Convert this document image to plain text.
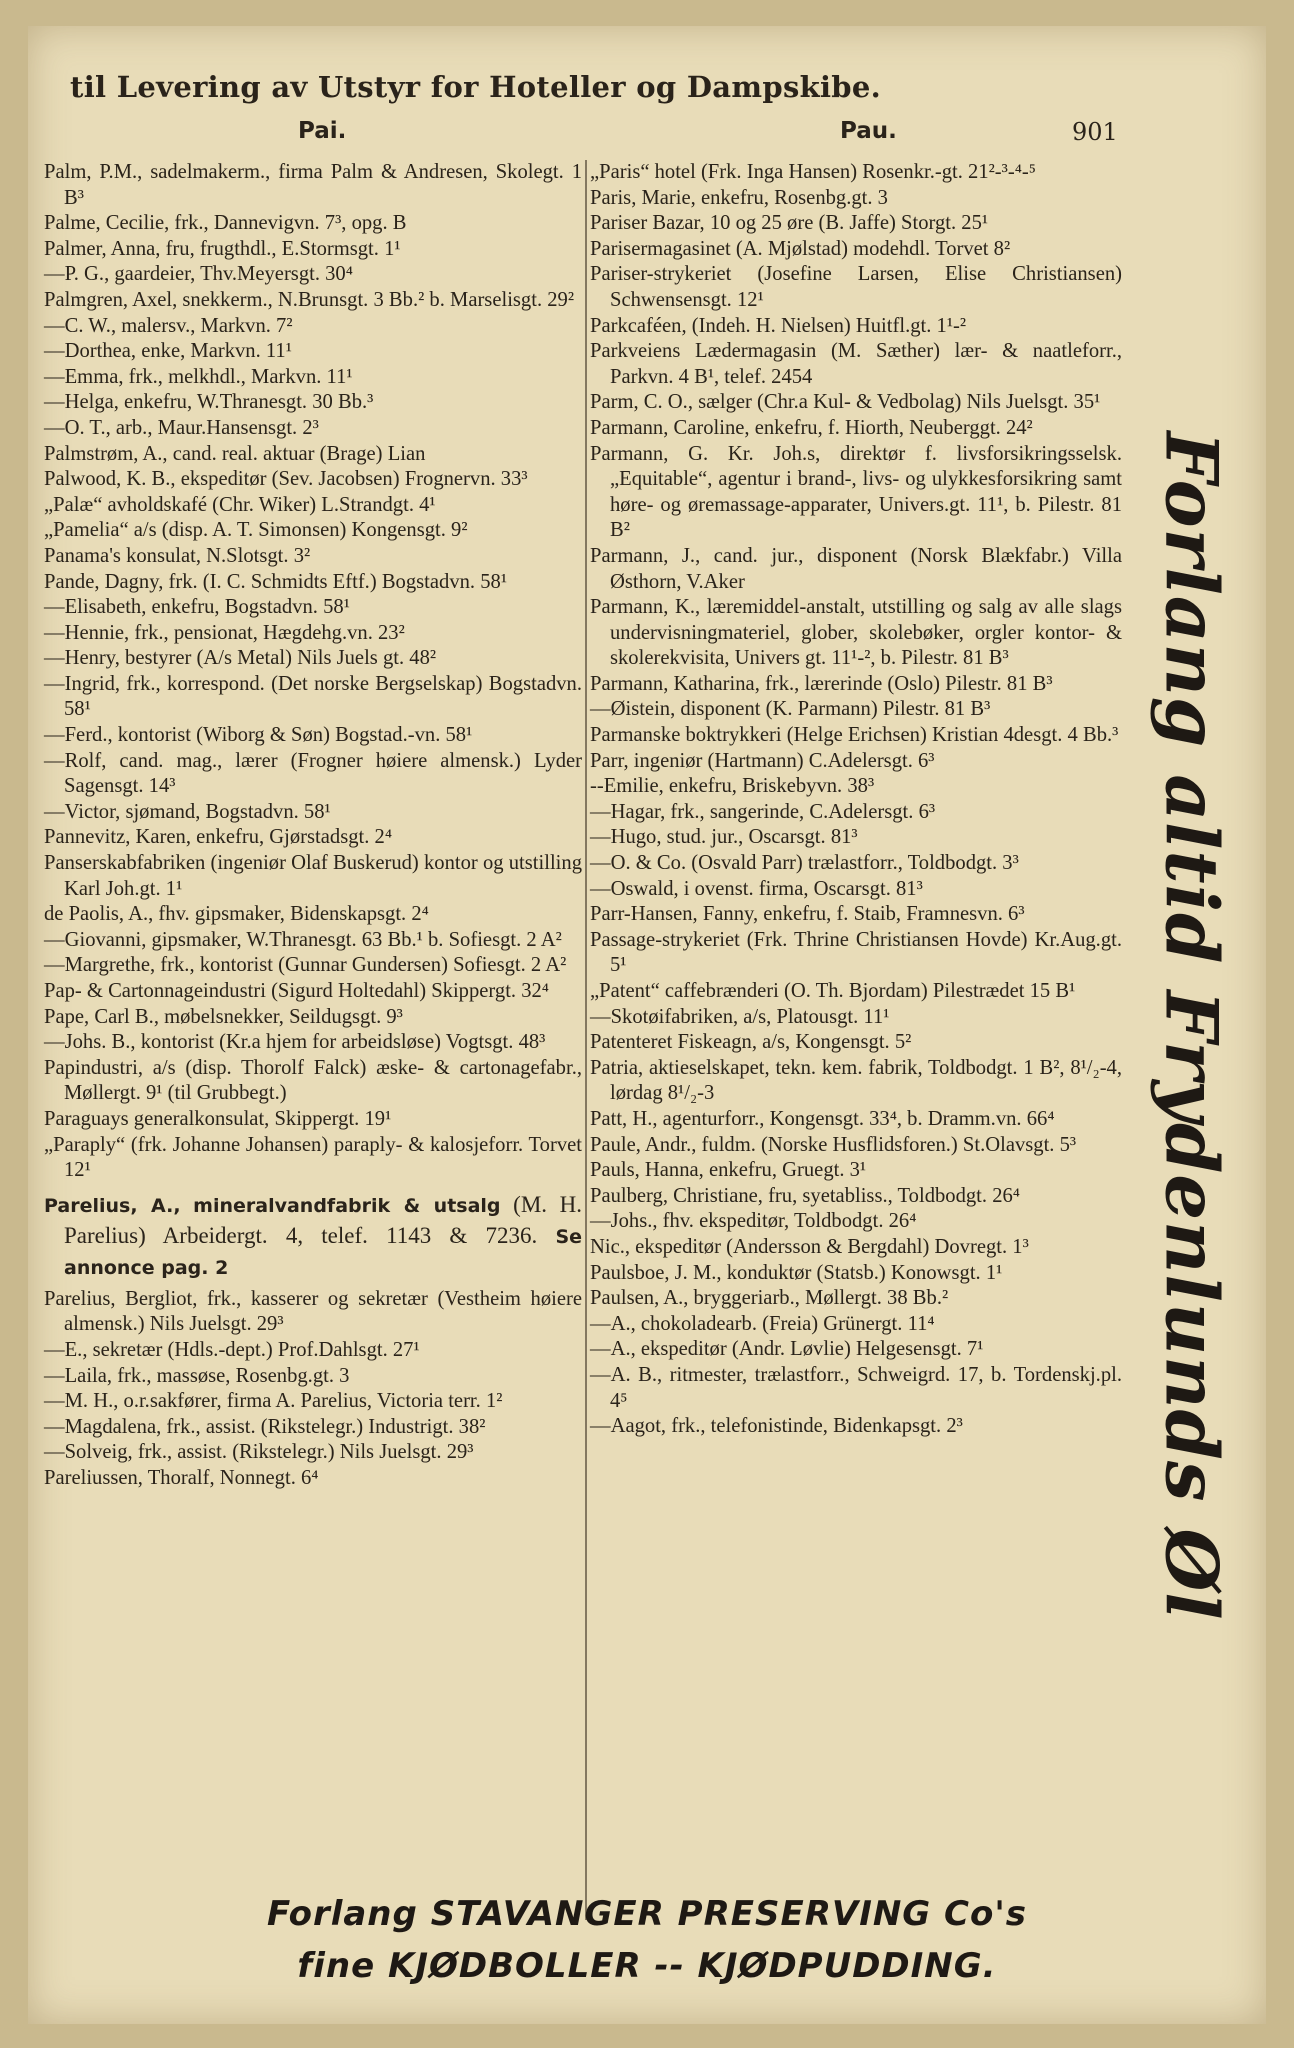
til Levering av Utstyr for Hoteller og Dampskibe.
Pai.	Pau.	901
Palm, P.M., sadelmakerm., firma Palm & Andresen, Skolegt. 1 B³
Palme, Cecilie, frk., Dannevigvn. 7³, opg. B
Palmer, Anna, fru, frugthdl., E.Stormsgt. 1¹
—P. G., gaardeier, Thv.Meyersgt. 30⁴
Palmgren, Axel, snekkerm., N.Brunsgt. 3 Bb.² b. Marselisgt. 29²
—C. W., malersv., Markvn. 7²
—Dorthea, enke, Markvn. 11¹
—Emma, frk., melkhdl., Markvn. 11¹
—Helga, enkefru, W.Thranesgt. 30 Bb.³
—O. T., arb., Maur.Hansensgt. 2³
Palmstrøm, A., cand. real. aktuar (Brage) Lian
Palwood, K. B., ekspeditør (Sev. Jacobsen) Frognervn. 33³
„Palæ“ avholdskafé (Chr. Wiker) L.Strandgt. 4¹
„Pamelia“ a/s (disp. A. T. Simonsen) Kongensgt. 9²
Panama's konsulat, N.Slotsgt. 3²
Pande, Dagny, frk. (I. C. Schmidts Eftf.) Bogstadvn. 58¹
—Elisabeth, enkefru, Bogstadvn. 58¹
—Hennie, frk., pensionat, Hægdehg.vn. 23²
—Henry, bestyrer (A/s Metal) Nils Juels gt. 48²
—Ingrid, frk., korrespond. (Det norske Bergselskap) Bogstadvn. 58¹
—Ferd., kontorist (Wiborg & Søn) Bogstad.-vn. 58¹
—Rolf, cand. mag., lærer (Frogner høiere almensk.) Lyder Sagensgt. 14³
—Victor, sjømand, Bogstadvn. 58¹
Pannevitz, Karen, enkefru, Gjørstadsgt. 2⁴
Panserskabfabriken (ingeniør Olaf Buskerud) kontor og utstilling Karl Joh.gt. 1¹
de Paolis, A., fhv. gipsmaker, Bidenskapsgt. 2⁴
—Giovanni, gipsmaker, W.Thranesgt. 63 Bb.¹ b. Sofiesgt. 2 A²
—Margrethe, frk., kontorist (Gunnar Gundersen) Sofiesgt. 2 A²
Pap- & Cartonnageindustri (Sigurd Holtedahl) Skippergt. 32⁴
Pape, Carl B., møbelsnekker, Seildugsgt. 9³
—Johs. B., kontorist (Kr.a hjem for arbeidsløse) Vogtsgt. 48³
Papindustri, a/s (disp. Thorolf Falck) æske- & cartonagefabr., Møllergt. 9¹ (til Grubbegt.)
Paraguays generalkonsulat, Skippergt. 19¹
„Paraply“ (frk. Johanne Johansen) paraply- & kalosjeforr. Torvet 12¹
Parelius, A., mineralvandfabrik & utsalg (M. H. Parelius) Arbeidergt. 4, telef. 1143 & 7236. Se annonce pag. 2
Parelius, Bergliot, frk., kasserer og sekretær (Vestheim høiere almensk.) Nils Juelsgt. 29³
—E., sekretær (Hdls.-dept.) Prof.Dahlsgt. 27¹
—Laila, frk., massøse, Rosenbg.gt. 3
—M. H., o.r.sakfører, firma A. Parelius, Victoria terr. 1²
—Magdalena, frk., assist. (Rikstelegr.) Industrigt. 38²
—Solveig, frk., assist. (Rikstelegr.) Nils Juelsgt. 29³
Pareliussen, Thoralf, Nonnegt. 6⁴
„Paris“ hotel (Frk. Inga Hansen) Rosenkr.-gt. 21²-³-⁴-⁵
Paris, Marie, enkefru, Rosenbg.gt. 3
Pariser Bazar, 10 og 25 øre (B. Jaffe) Storgt. 25¹
Parisermagasinet (A. Mjølstad) modehdl. Torvet 8²
Pariser-strykeriet (Josefine Larsen, Elise Christiansen) Schwensensgt. 12¹
Parkcaféen, (Indeh. H. Nielsen) Huitfl.gt. 1¹-²
Parkveiens Lædermagasin (M. Sæther) lær- & naatleforr., Parkvn. 4 B¹, telef. 2454
Parm, C. O., sælger (Chr.a Kul- & Vedbolag) Nils Juelsgt. 35¹
Parmann, Caroline, enkefru, f. Hiorth, Neuberggt. 24²
Parmann, G. Kr. Joh.s, direktør f. livsforsikringsselsk. „Equitable“, agentur i brand-, livs- og ulykkesforsikring samt høre- og øremassage-apparater, Univers.gt. 11¹, b. Pilestr. 81 B²
Parmann, J., cand. jur., disponent (Norsk Blækfabr.) Villa Østhorn, V.Aker
Parmann, K., læremiddel-anstalt, utstilling og salg av alle slags undervisningmateriel, glober, skolebøker, orgler kontor- & skolerekvisita, Univers gt. 11¹-², b. Pilestr. 81 B³
Parmann, Katharina, frk., lærerinde (Oslo) Pilestr. 81 B³
—Øistein, disponent (K. Parmann) Pilestr. 81 B³
Parmanske boktrykkeri (Helge Erichsen) Kristian 4desgt. 4 Bb.³
Parr, ingeniør (Hartmann) C.Adelersgt. 6³
--Emilie, enkefru, Briskebyvn. 38³
—Hagar, frk., sangerinde, C.Adelersgt. 6³
—Hugo, stud. jur., Oscarsgt. 81³
—O. & Co. (Osvald Parr) trælastforr., Toldbodgt. 3³
—Oswald, i ovenst. firma, Oscarsgt. 81³
Parr-Hansen, Fanny, enkefru, f. Staib, Framnesvn. 6³
Passage-strykeriet (Frk. Thrine Christiansen Hovde) Kr.Aug.gt. 5¹
„Patent“ caffebrænderi (O. Th. Bjordam) Pilestrædet 15 B¹
—Skotøifabriken, a/s, Platousgt. 11¹
Patenteret Fiskeagn, a/s, Kongensgt. 5²
Patria, aktieselskapet, tekn. kem. fabrik, Toldbodgt. 1 B², 8¹/₂-4, lørdag 8¹/₂-3
Patt, H., agenturforr., Kongensgt. 33⁴, b. Dramm.vn. 66⁴
Paule, Andr., fuldm. (Norske Husflidsforen.) St.Olavsgt. 5³
Pauls, Hanna, enkefru, Gruegt. 3¹
Paulberg, Christiane, fru, syetabliss., Toldbodgt. 26⁴
—Johs., fhv. ekspeditør, Toldbodgt. 26⁴
Nic., ekspeditør (Andersson & Bergdahl) Dovregt. 1³
Paulsboe, J. M., konduktør (Statsb.) Konowsgt. 1¹
Paulsen, A., bryggeriarb., Møllergt. 38 Bb.²
—A., chokoladearb. (Freia) Grünergt. 11⁴
—A., ekspeditør (Andr. Løvlie) Helgesensgt. 7¹
—A. B., ritmester, trælastforr., Schweigrd. 17, b. Tordenskj.pl. 4⁵
—Aagot, frk., telefonistinde, Bidenkapsgt. 2³	Forlang altid Frydenlunds Øl
Forlang STAVANGER PRESERVING Co's
fine KJØDBOLLER -- KJØDPUDDING.
